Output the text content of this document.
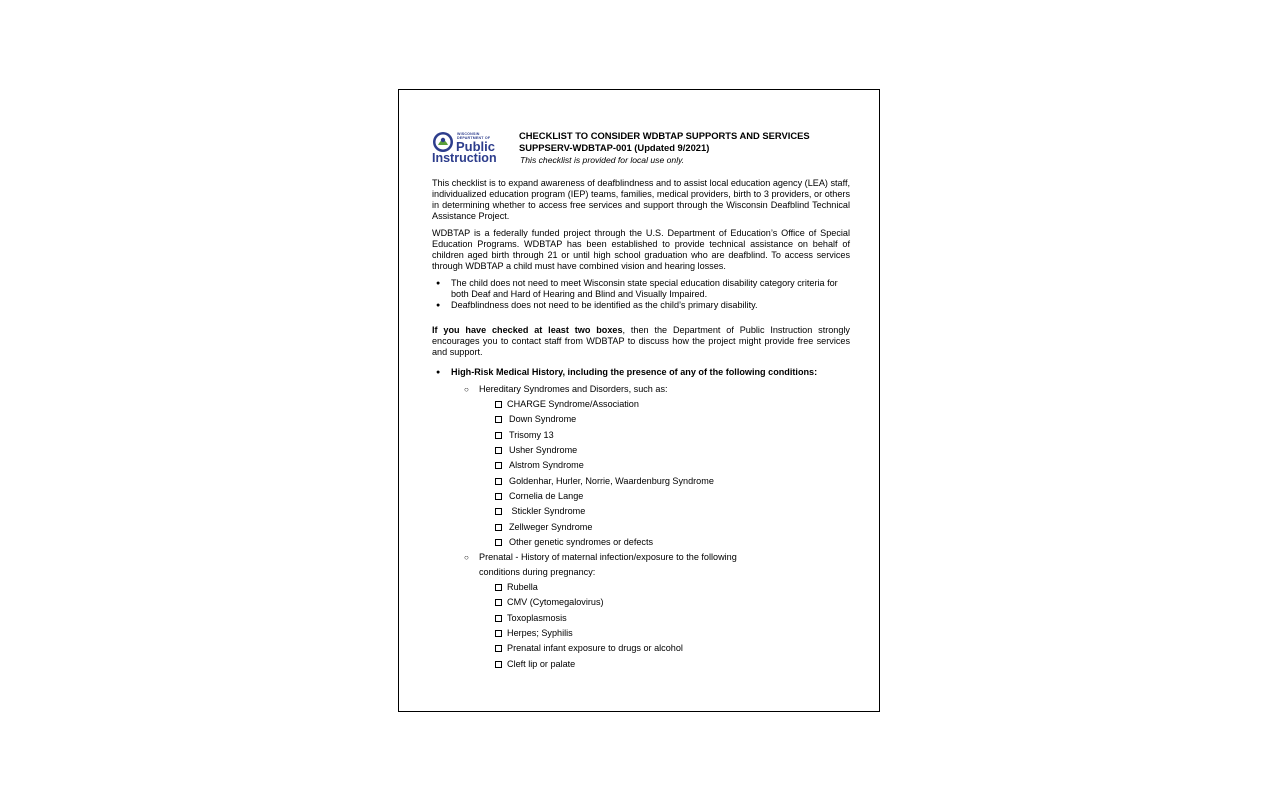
WISCONSIN
DEPARTMENT OF
Public
Instruction
CHECKLIST TO CONSIDER WDBTAP SUPPORTS AND SERVICES
SUPPSERV-WDBTAP-001 (Updated 9/2021)
This checklist is provided for local use only.

This checklist is to expand awareness of deafblindness and to assist local education agency (LEA) staff, individualized education program (IEP) teams, families, medical providers, birth to 3 providers, or others in determining whether to access free services and support through the Wisconsin Deafblind Technical Assistance Project.

WDBTAP is a federally funded project through the U.S. Department of Education’s Office of Special Education Programs. WDBTAP has been established to provide technical assistance on behalf of children aged birth through 21 or until high school graduation who are deafblind. To access services through WDBTAP a child must have combined vision and hearing losses.

● The child does not need to meet Wisconsin state special education disability category criteria for both Deaf and Hard of Hearing and Blind and Visually Impaired.
● Deafblindness does not need to be identified as the child’s primary disability.

If you have checked at least two boxes, then the Department of Public Instruction strongly encourages you to contact staff from WDBTAP to discuss how the project might provide free services and support.

● High-Risk Medical History, including the presence of any of the following conditions:
○ Hereditary Syndromes and Disorders, such as:
CHARGE Syndrome/Association
Down Syndrome
Trisomy 13
Usher Syndrome
Alstrom Syndrome
Goldenhar, Hurler, Norrie, Waardenburg Syndrome
Cornelia de Lange
Stickler Syndrome
Zellweger Syndrome
Other genetic syndromes or defects
○ Prenatal - History of maternal infection/exposure to the following conditions during pregnancy:
Rubella
CMV (Cytomegalovirus)
Toxoplasmosis
Herpes; Syphilis
Prenatal infant exposure to drugs or alcohol
Cleft lip or palate
